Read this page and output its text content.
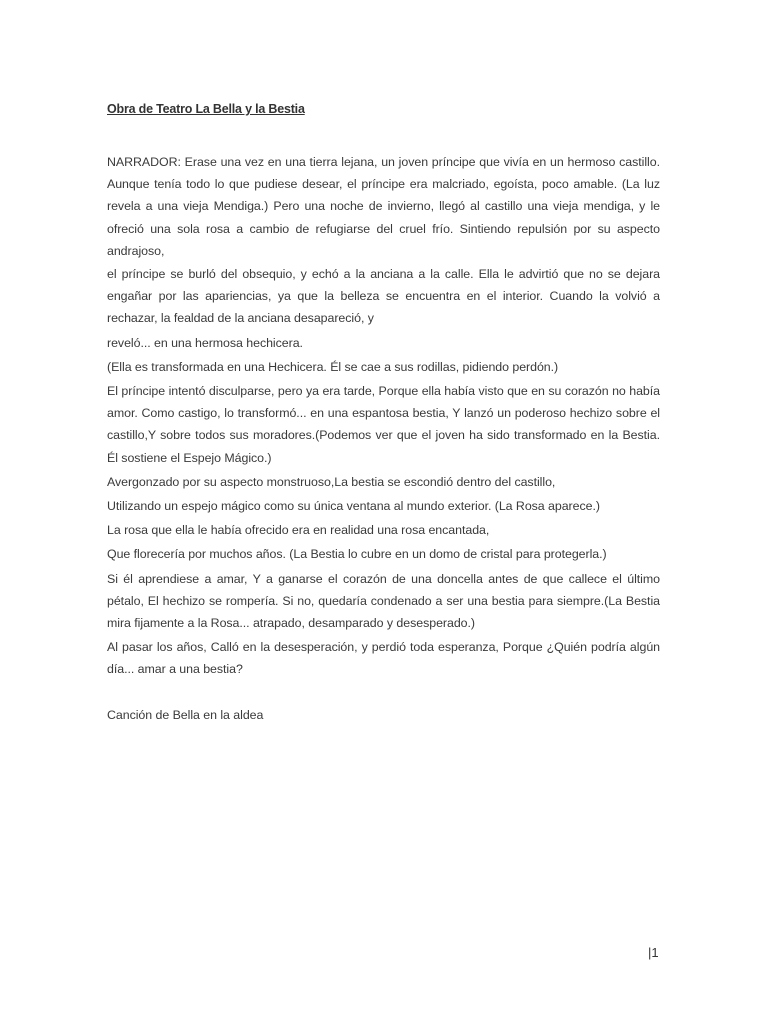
Obra de Teatro La Bella y la Bestia

NARRADOR: Erase una vez en una tierra lejana, un joven príncipe que vivía en un hermoso castillo. Aunque tenía todo lo que pudiese desear, el príncipe era malcriado, egoísta, poco amable. (La luz revela a una vieja Mendiga.) Pero una noche de invierno, llegó al castillo una vieja mendiga, y le ofreció una sola rosa a cambio de refugiarse del cruel frío. Sintiendo repulsión por su aspecto andrajoso,

el príncipe se burló del obsequio, y echó a la anciana a la calle. Ella le advirtió que no se dejara engañar por las apariencias, ya que la belleza se encuentra en el interior. Cuando la volvió a rechazar, la fealdad de la anciana desapareció, y

reveló... en una hermosa hechicera.

(Ella es transformada en una Hechicera. Él se cae a sus rodillas, pidiendo perdón.)

El príncipe intentó disculparse, pero ya era tarde, Porque ella había visto que en su corazón no había amor. Como castigo, lo transformó... en una espantosa bestia, Y lanzó un poderoso hechizo sobre el castillo,Y sobre todos sus moradores.(Podemos ver que el joven ha sido transformado en la Bestia. Él sostiene el Espejo Mágico.)

Avergonzado por su aspecto monstruoso,La bestia se escondió dentro del castillo,

Utilizando un espejo mágico como su única ventana al mundo exterior. (La Rosa aparece.)

La rosa que ella le había ofrecido era en realidad una rosa encantada,

Que florecería por muchos años. (La Bestia lo cubre en un domo de cristal para protegerla.)

Si él aprendiese a amar, Y a ganarse el corazón de una doncella antes de que callece el último pétalo, El hechizo se rompería. Si no, quedaría condenado a ser una bestia para siempre.(La Bestia mira fijamente a la Rosa... atrapado, desamparado y desesperado.)

Al pasar los años, Calló en la desesperación, y perdió toda esperanza, Porque ¿Quién podría algún día... amar a una bestia?

Canción de Bella en la aldea

|1
